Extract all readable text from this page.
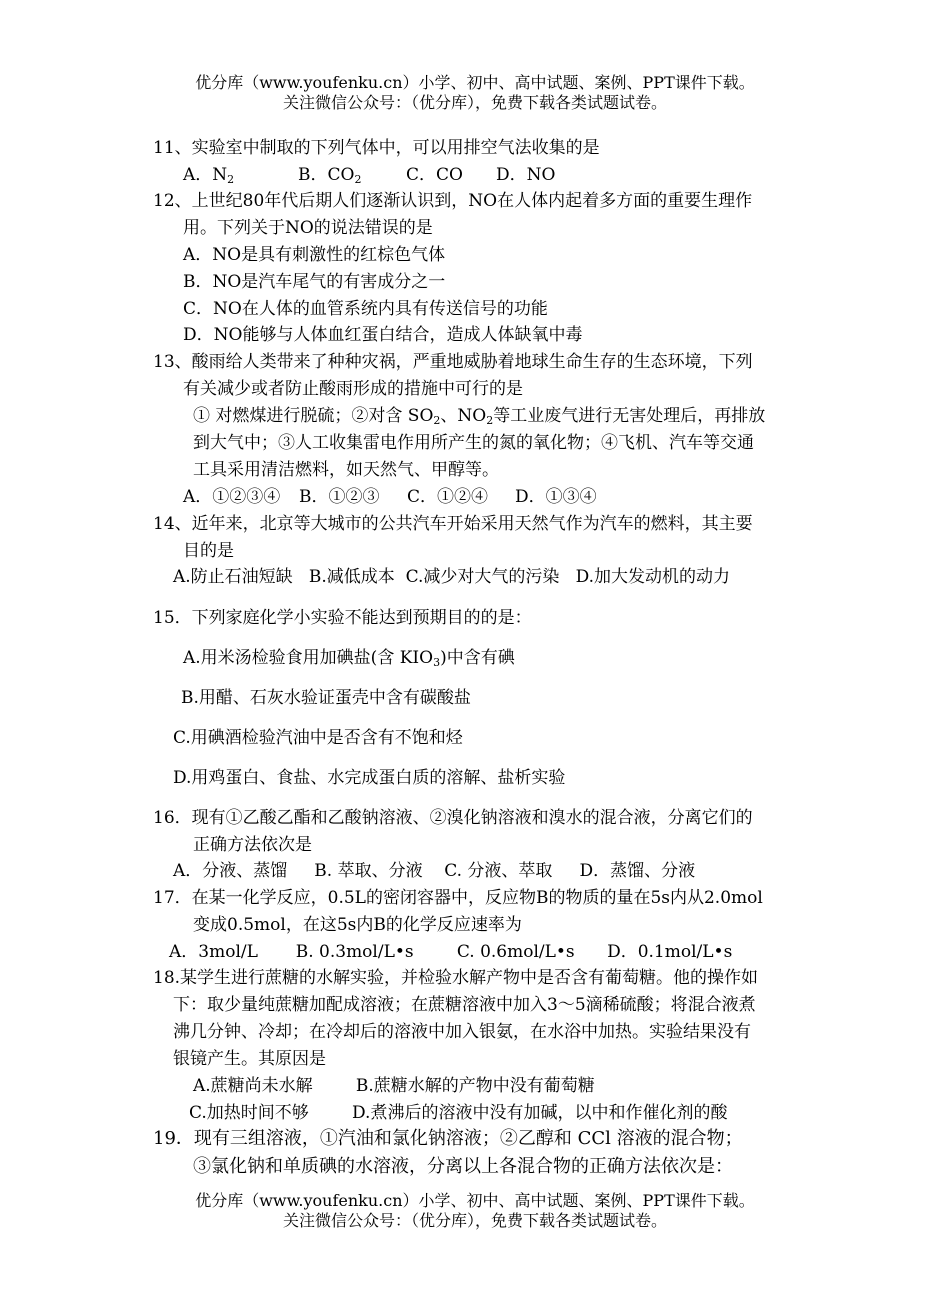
优分库（www.youfenku.cn）小学、初中、高中试题、案例、PPT课件下载。
关注微信公众号：（优分库），免费下载各类试题试卷。
11、实验室中制取的下列气体中，可以用排空气法收集的是
A．$N_2$	B．$CO_2$	C．CO D．NO
12、上世纪80年代后期人们逐渐认识到，NO在人体内起着多方面的重要生理作
用。下列关于NO的说法错误的是
A．NO是具有刺激性的红棕色气体
B．NO是汽车尾气的有害成分之一
C．NO在人体的血管系统内具有传送信号的功能
D．NO能够与人体血红蛋白结合，造成人体缺氧中毒
13、酸雨给人类带来了种种灾祸，严重地威胁着地球生命生存的生态环境，下列
有关减少或者防止酸雨形成的措施中可行的是
① 对燃煤进行脱硫；②对含 $SO_2$、$NO_2$等工业废气进行无害处理后，再排放
到大气中；③人工收集雷电作用所产生的氮的氧化物；④飞机、汽车等交通
工具采用清洁燃料，如天然气、甲醇等。
A．①②③④ B．①②③ C．①②④ D．①③④
14、近年来，北京等大城市的公共汽车开始采用天然气作为汽车的燃料，其主要
目的是
A.防止石油短缺   B.减低成本  C.减少对大气的污染   D.加大发动机的动力
15．下列家庭化学小实验不能达到预期目的的是：
A.用米汤检验食用加碘盐(含 $KIO_3$)中含有碘
B.用醋、石灰水验证蛋壳中含有碳酸盐
C.用碘酒检验汽油中是否含有不饱和烃
D.用鸡蛋白、食盐、水完成蛋白质的溶解、盐析实验
16．现有①乙酸乙酯和乙酸钠溶液、②溴化钠溶液和溴水的混合液，分离它们的
正确方法依次是
A．分液、蒸馏     B. 萃取、分液    C. 分液、萃取     D．蒸馏、分液
17．在某一化学反应，0.5L的密闭容器中，反应物B的物质的量在5s内从2.0mol
变成0.5mol，在这5s内B的化学反应速率为
A．3mol/L       B. 0.3mol/L•s        C. 0.6mol/L•s      D．0.1mol/L•s
18.某学生进行蔗糖的水解实验，并检验水解产物中是否含有葡萄糖。他的操作如
下：取少量纯蔗糖加配成溶液；在蔗糖溶液中加入3～5滴稀硫酸；将混合液煮
沸几分钟、冷却；在冷却后的溶液中加入银氨，在水浴中加热。实验结果没有
银镜产生。其原因是
A.蔗糖尚未水解        B.蔗糖水解的产物中没有葡萄糖
C.加热时间不够        D.煮沸后的溶液中没有加碱，以中和作催化剂的酸
19．现有三组溶液，①汽油和氯化钠溶液；②乙醇和 CCl 溶液的混合物；
③氯化钠和单质碘的水溶液，分离以上各混合物的正确方法依次是：
优分库（www.youfenku.cn）小学、初中、高中试题、案例、PPT课件下载。
关注微信公众号：（优分库），免费下载各类试题试卷。
